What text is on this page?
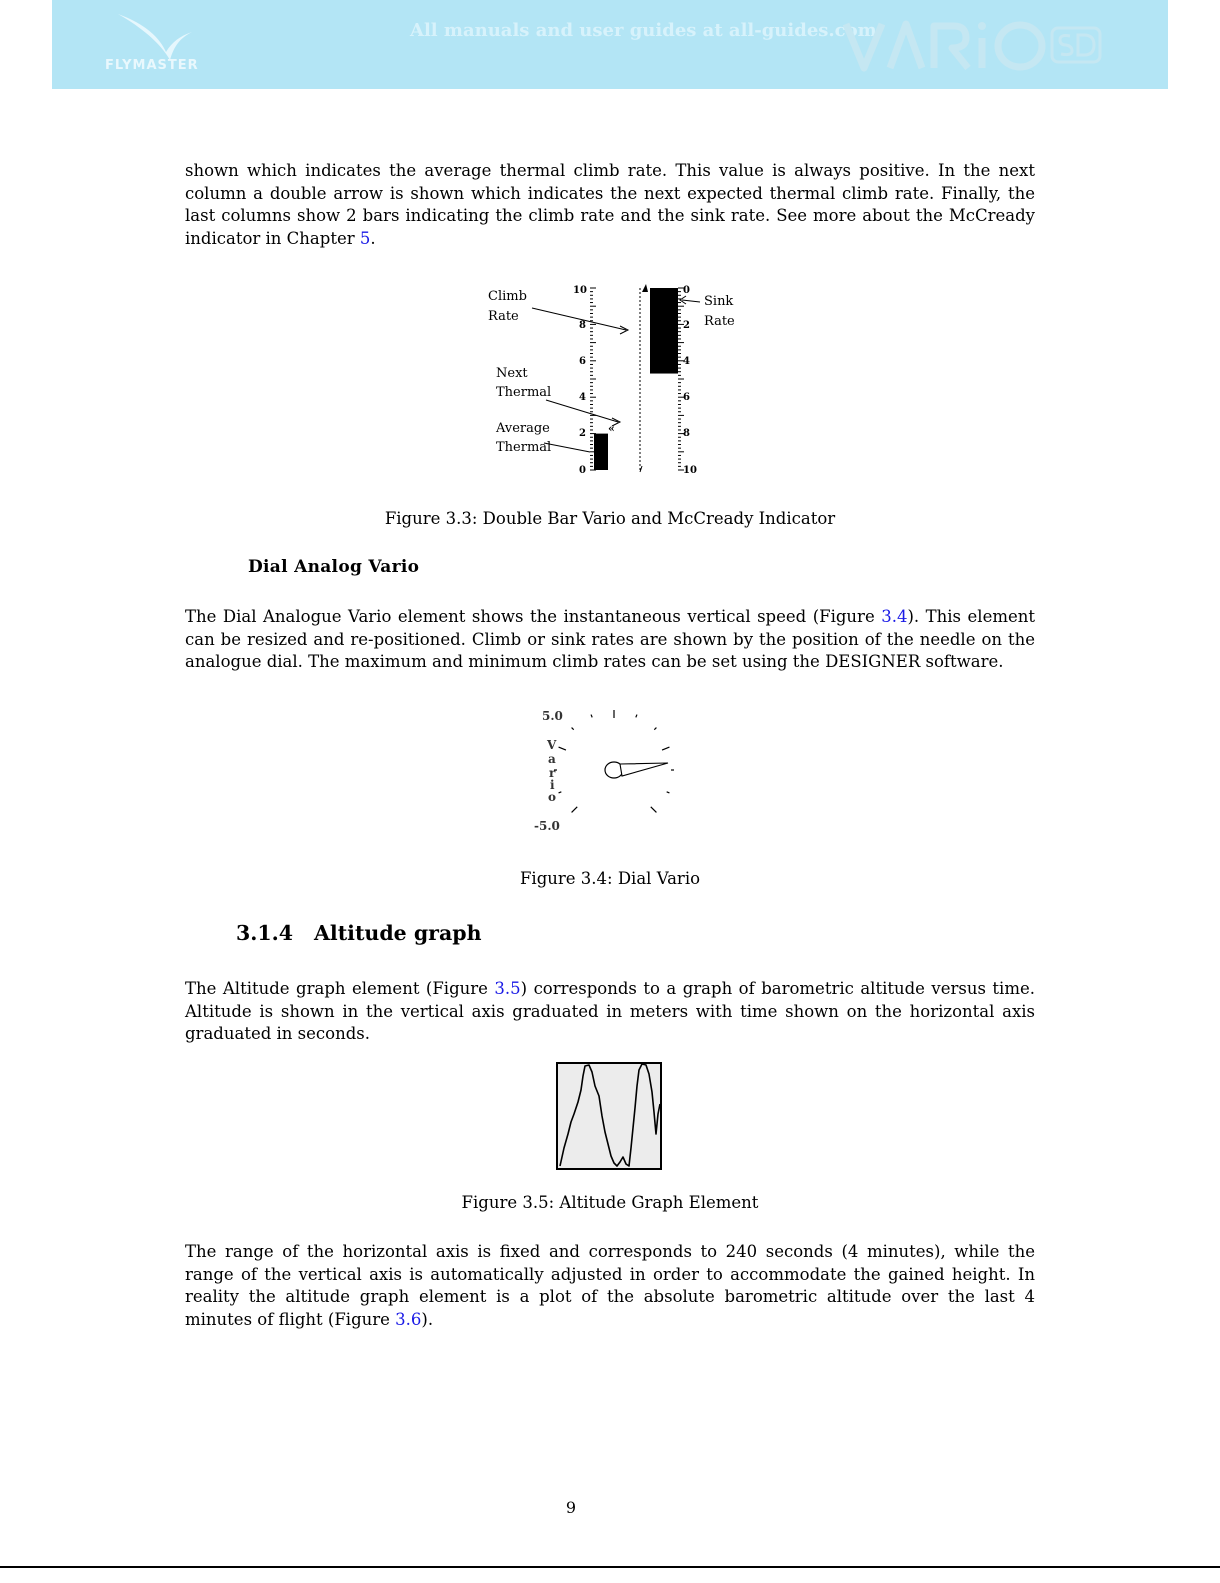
FLYMASTER
All manuals and user guides at all-guides.com

shown which indicates the average thermal climb rate. This value is always positive. In the next column a double arrow is shown which indicates the next expected thermal climb rate. Finally, the last columns show 2 bars indicating the climb rate and the sink rate. See more about the McCready indicator in Chapter 5.

Climb
Rate
Next
Thermal
Average
Thermal
Sink
Rate
10
8
6
4
2
0
0
2
4
6
8
10
«

Figure 3.3: Double Bar Vario and McCready Indicator

Dial Analog Vario

The Dial Analogue Vario element shows the instantaneous vertical speed (Figure 3.4). This element can be resized and re-positioned. Climb or sink rates are shown by the position of the needle on the analogue dial. The maximum and minimum climb rates can be set using the DESIGNER software.

5.0
-5.0
V
a
r
i
o

Figure 3.4: Dial Vario

3.1.4 Altitude graph

The Altitude graph element (Figure 3.5) corresponds to a graph of barometric altitude versus time. Altitude is shown in the vertical axis graduated in meters with time shown on the horizontal axis graduated in seconds.

Figure 3.5: Altitude Graph Element

The range of the horizontal axis is fixed and corresponds to 240 seconds (4 minutes), while the range of the vertical axis is automatically adjusted in order to accommodate the gained height. In reality the altitude graph element is a plot of the absolute barometric altitude over the last 4 minutes of flight (Figure 3.6).

9
